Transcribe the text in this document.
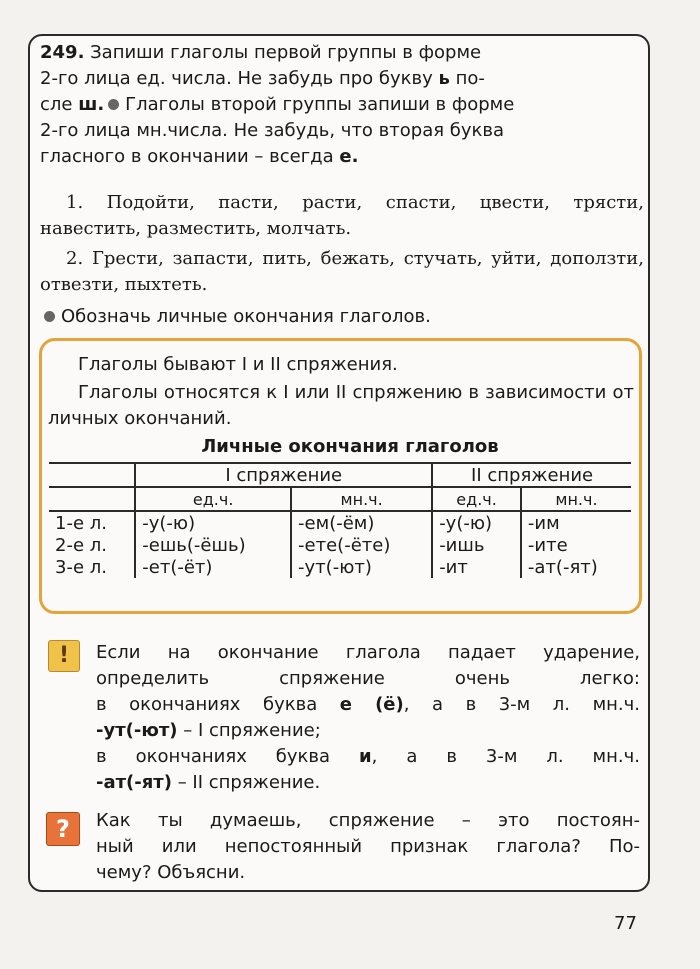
249. Запиши глаголы первой группы в форме
2-го лица ед. числа. Не забудь про букву ь по-
сле ш. Глаголы второй группы запиши в форме
2-го лица мн.числа. Не забудь, что вторая буква
гласного в окончании – всегда е.

1. Подойти, пасти, расти, спасти, цвести, трясти, навестить, разместить, молчать.

2. Грести, запасти, пить, бежать, стучать, уйти, доползти, отвезти, пыхтеть.

Обозначь личные окончания глаголов.

Глаголы бывают I и II спряжения.

Глаголы относятся к I или II спряжению в зависимости от личных окончаний.

Личные окончания глаголов
	I спряжение		II спряжение	
	ед.ч.	мн.ч.	ед.ч.	мн.ч.
1-е л.	-у(-ю)	-ем(-ём)	-у(-ю)	-им
2-е л.	-ешь(-ёшь)	-ете(-ёте)	-ишь	-ите
3-е л.	-ет(-ёт)	-ут(-ют)	-ит	-ат(-ят)
!	Если на окончание глагола падает ударение,
определить спряжение очень легко:
в окончаниях буква е (ё), а в 3-м л. мн.ч.
-ут(-ют) – I спряжение;
в окончаниях буква и, а в 3-м л. мн.ч.
-ат(-ят) – II спряжение.
?	Как ты думаешь, спряжение – это постоян-
ный или непостоянный признак глагола? По-
чему? Объясни.
77
